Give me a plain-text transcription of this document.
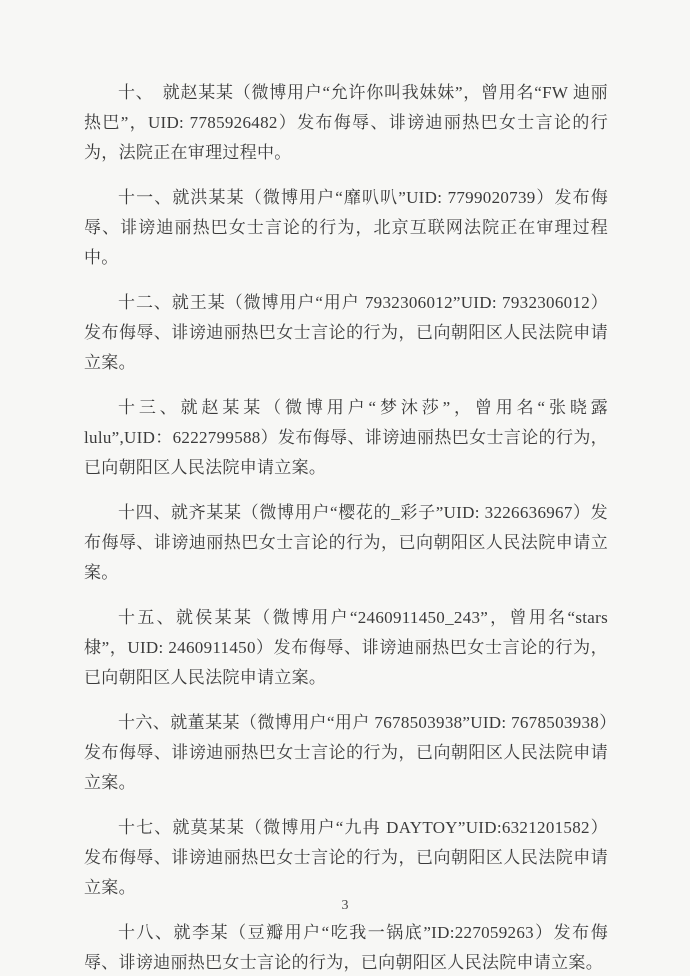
十、　就赵某某（微博用户“允许你叫我妹妹”，曾用名“FW 迪丽热巴”，UID: 7785926482）发布侮辱、诽谤迪丽热巴女士言论的行为，法院正在审理过程中。

十一、就洪某某（微博用户“靡叭叭”UID: 7799020739）发布侮辱、诽谤迪丽热巴女士言论的行为，北京互联网法院正在审理过程中。

十二、就王某（微博用户“用户 7932306012”UID: 7932306012）发布侮辱、诽谤迪丽热巴女士言论的行为，已向朝阳区人民法院申请立案。

十三、就赵某某（微博用户“梦沐莎”，曾用名“张晓露 lulu”,UID：6222799588）发布侮辱、诽谤迪丽热巴女士言论的行为，已向朝阳区人民法院申请立案。

十四、就齐某某（微博用户“樱花的_彩子”UID: 3226636967）发布侮辱、诽谤迪丽热巴女士言论的行为，已向朝阳区人民法院申请立案。

十五、就侯某某（微博用户“2460911450_243”，曾用名“stars 棣”，UID: 2460911450）发布侮辱、诽谤迪丽热巴女士言论的行为，已向朝阳区人民法院申请立案。

十六、就董某某（微博用户“用户 7678503938”UID: 7678503938）发布侮辱、诽谤迪丽热巴女士言论的行为，已向朝阳区人民法院申请立案。

十七、就莫某某（微博用户“九冉 DAYTOY”UID:6321201582）发布侮辱、诽谤迪丽热巴女士言论的行为，已向朝阳区人民法院申请立案。

十八、就李某（豆瓣用户“吃我一锅底”ID:227059263）发布侮辱、诽谤迪丽热巴女士言论的行为，已向朝阳区人民法院申请立案。

3
